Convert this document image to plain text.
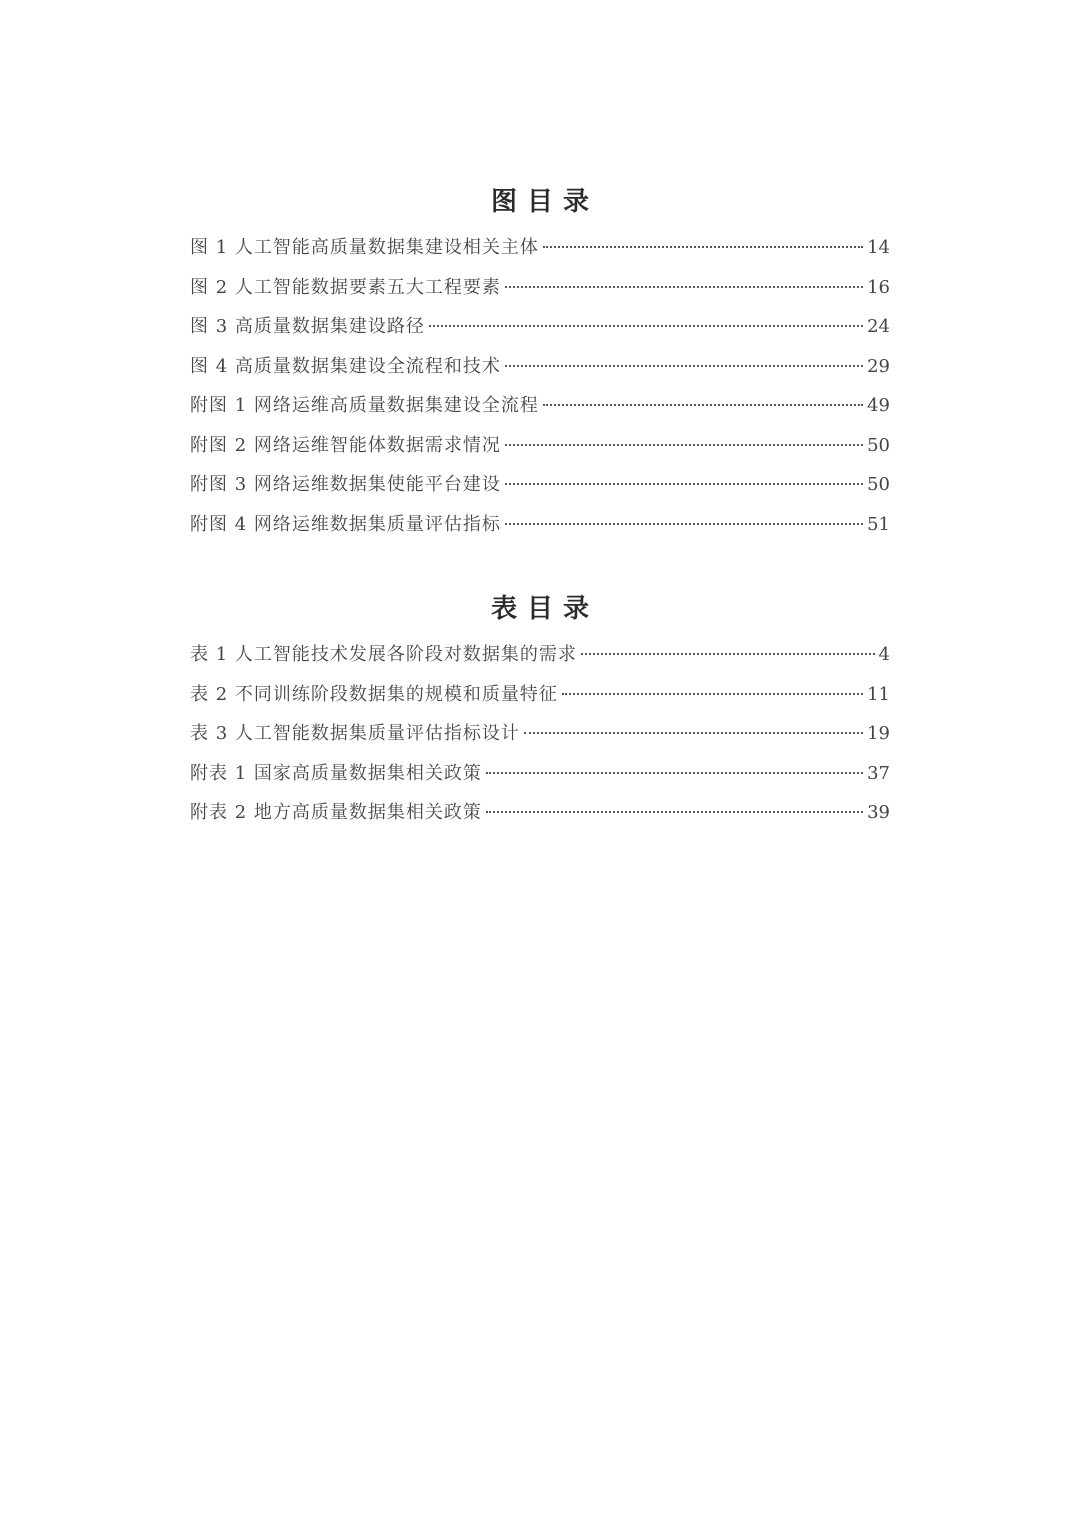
图目录
图 1 人工智能高质量数据集建设相关主体	14
图 2 人工智能数据要素五大工程要素	16
图 3 高质量数据集建设路径	24
图 4 高质量数据集建设全流程和技术	29
附图 1 网络运维高质量数据集建设全流程	49
附图 2 网络运维智能体数据需求情况	50
附图 3 网络运维数据集使能平台建设	50
附图 4 网络运维数据集质量评估指标	51
表目录
表 1 人工智能技术发展各阶段对数据集的需求	4
表 2 不同训练阶段数据集的规模和质量特征	11
表 3 人工智能数据集质量评估指标设计	19
附表 1 国家高质量数据集相关政策	37
附表 2 地方高质量数据集相关政策	39
